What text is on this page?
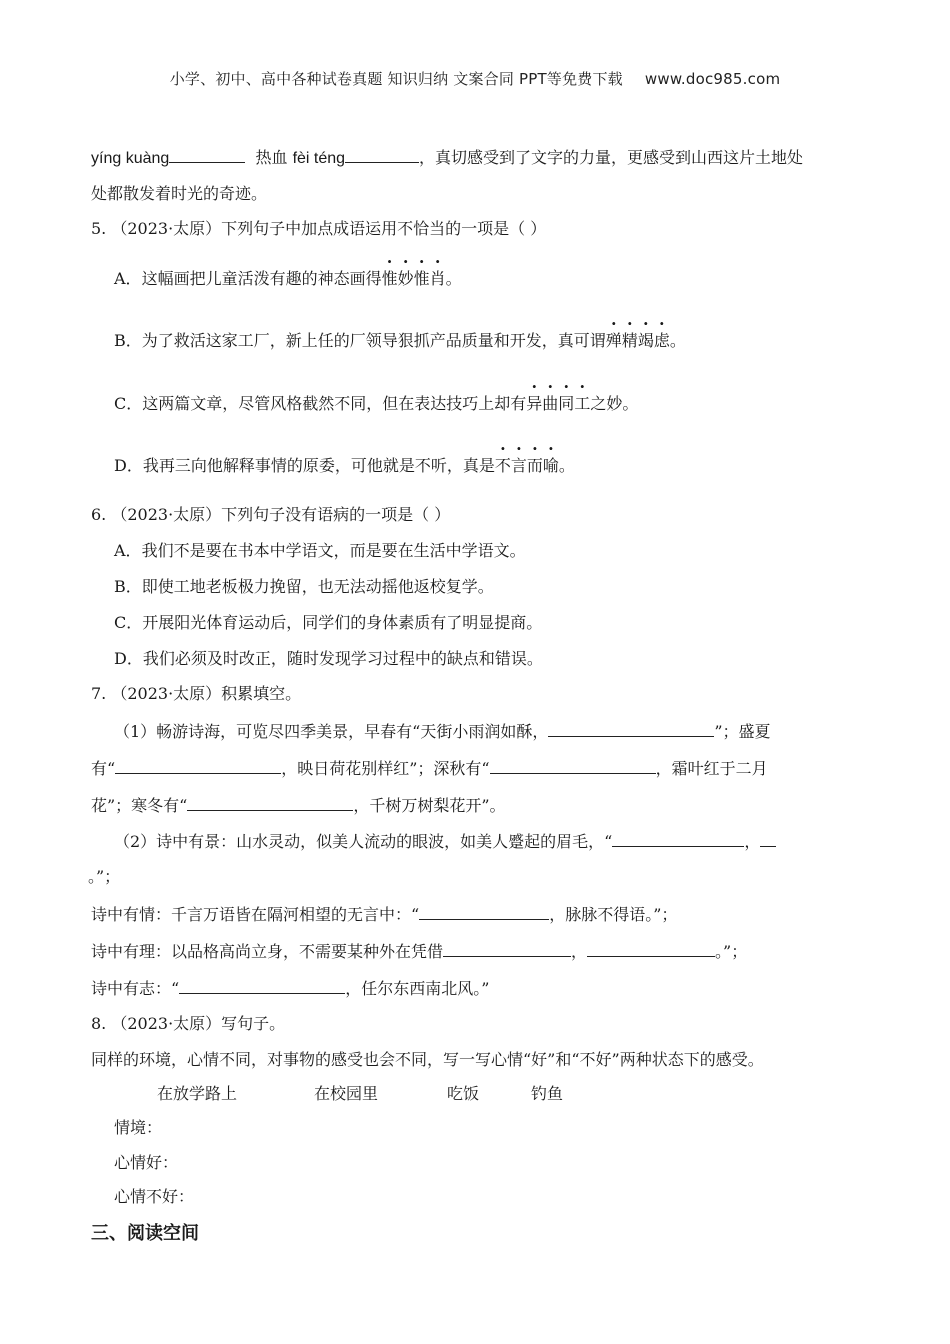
小学、初中、高中各种试卷真题 知识归纳 文案合同 PPT等免费下载 www.doc985.com
yíng kuàng	热血 fèi téng	，真切感受到了文字的力量，更感受到山西这片土地处
处都散发着时光的奇迹。
5. （2023·太原）下列句子中加点成语运用不恰当的一项是（ ）
A．这幅画把儿童活泼有趣的神态画得惟妙惟肖。
B．为了救活这家工厂，新上任的厂领导狠抓产品质量和开发，真可谓殚精竭虑。
C．这两篇文章，尽管风格截然不同，但在表达技巧上却有异曲同工之妙。
D．我再三向他解释事情的原委，可他就是不听，真是不言而喻。
6. （2023·太原）下列句子没有语病的一项是（ ）
A．我们不是要在书本中学语文，而是要在生活中学语文。
B．即使工地老板极力挽留，也无法动摇他返校复学。
C．开展阳光体育运动后，同学们的身体素质有了明显提商。
D．我们必须及时改正，随时发现学习过程中的缺点和错误。
7. （2023·太原）积累填空。
（1）畅游诗海，可览尽四季美景，早春有“天街小雨润如酥，	”；盛夏
有“	，映日荷花别样红”；深秋有“	，霜叶红于二月
花”；寒冬有“	，千树万树梨花开”。
（2）诗中有景：山水灵动，似美人流动的眼波，如美人蹙起的眉毛，“	，
。”；
诗中有情：千言万语皆在隔河相望的无言中：“	，脉脉不得语。”；
诗中有理：以品格高尚立身，不需要某种外在凭借	，	。”；
诗中有志：“	，任尔东西南北风。”
8. （2023·太原）写句子。
同样的环境，心情不同，对事物的感受也会不同，写一写心情“好”和“不好”两种状态下的感受。
在放学路上	在校园里	吃饭	钓鱼
情境：
心情好：
心情不好：
三、阅读空间
